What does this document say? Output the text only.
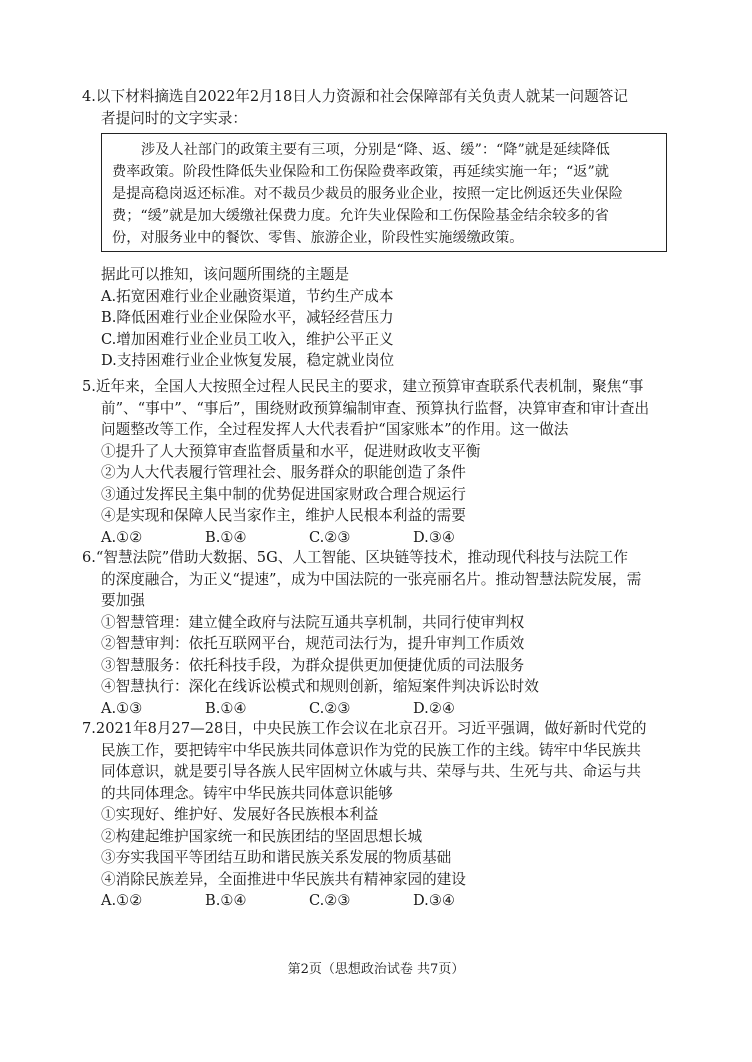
4.以下材料摘选自2022年2月18日人力资源和社会保障部有关负责人就某一问题答记
者提问时的文字实录：
涉及人社部门的政策主要有三项，分别是“降、返、缓”：“降”就是延续降低
费率政策。阶段性降低失业保险和工伤保险费率政策，再延续实施一年；“返”就
是提高稳岗返还标准。对不裁员少裁员的服务业企业，按照一定比例返还失业保险
费；“缓”就是加大缓缴社保费力度。允许失业保险和工伤保险基金结余较多的省
份，对服务业中的餐饮、零售、旅游企业，阶段性实施缓缴政策。
据此可以推知，该问题所围绕的主题是
A.拓宽困难行业企业融资渠道，节约生产成本
B.降低困难行业企业保险水平，减轻经营压力
C.增加困难行业企业员工收入，维护公平正义
D.支持困难行业企业恢复发展，稳定就业岗位
5.近年来，全国人大按照全过程人民民主的要求，建立预算审查联系代表机制，聚焦“事
前”、“事中”、“事后”，围绕财政预算编制审查、预算执行监督，决算审查和审计查出
问题整改等工作，全过程发挥人大代表看护“国家账本”的作用。这一做法
①提升了人大预算审查监督质量和水平，促进财政收支平衡
②为人大代表履行管理社会、服务群众的职能创造了条件
③通过发挥民主集中制的优势促进国家财政合理合规运行
④是实现和保障人民当家作主，维护人民根本利益的需要
A.①②	B.①④	C.②③	D.③④
6.“智慧法院”借助大数据、5G、人工智能、区块链等技术，推动现代科技与法院工作
的深度融合，为正义“提速”，成为中国法院的一张亮丽名片。推动智慧法院发展，需
要加强
①智慧管理：建立健全政府与法院互通共享机制，共同行使审判权
②智慧审判：依托互联网平台，规范司法行为，提升审判工作质效
③智慧服务：依托科技手段，为群众提供更加便捷优质的司法服务
④智慧执行：深化在线诉讼模式和规则创新，缩短案件判决诉讼时效
A.①③	B.①④	C.②③	D.②④
7.2021年8月27—28日，中央民族工作会议在北京召开。习近平强调，做好新时代党的
民族工作，要把铸牢中华民族共同体意识作为党的民族工作的主线。铸牢中华民族共
同体意识，就是要引导各族人民牢固树立休戚与共、荣辱与共、生死与共、命运与共
的共同体理念。铸牢中华民族共同体意识能够
①实现好、维护好、发展好各民族根本利益
②构建起维护国家统一和民族团结的坚固思想长城
③夯实我国平等团结互助和谐民族关系发展的物质基础
④消除民族差异，全面推进中华民族共有精神家园的建设
A.①②	B.①④	C.②③	D.③④
第2页（思想政治试卷 共7页）
